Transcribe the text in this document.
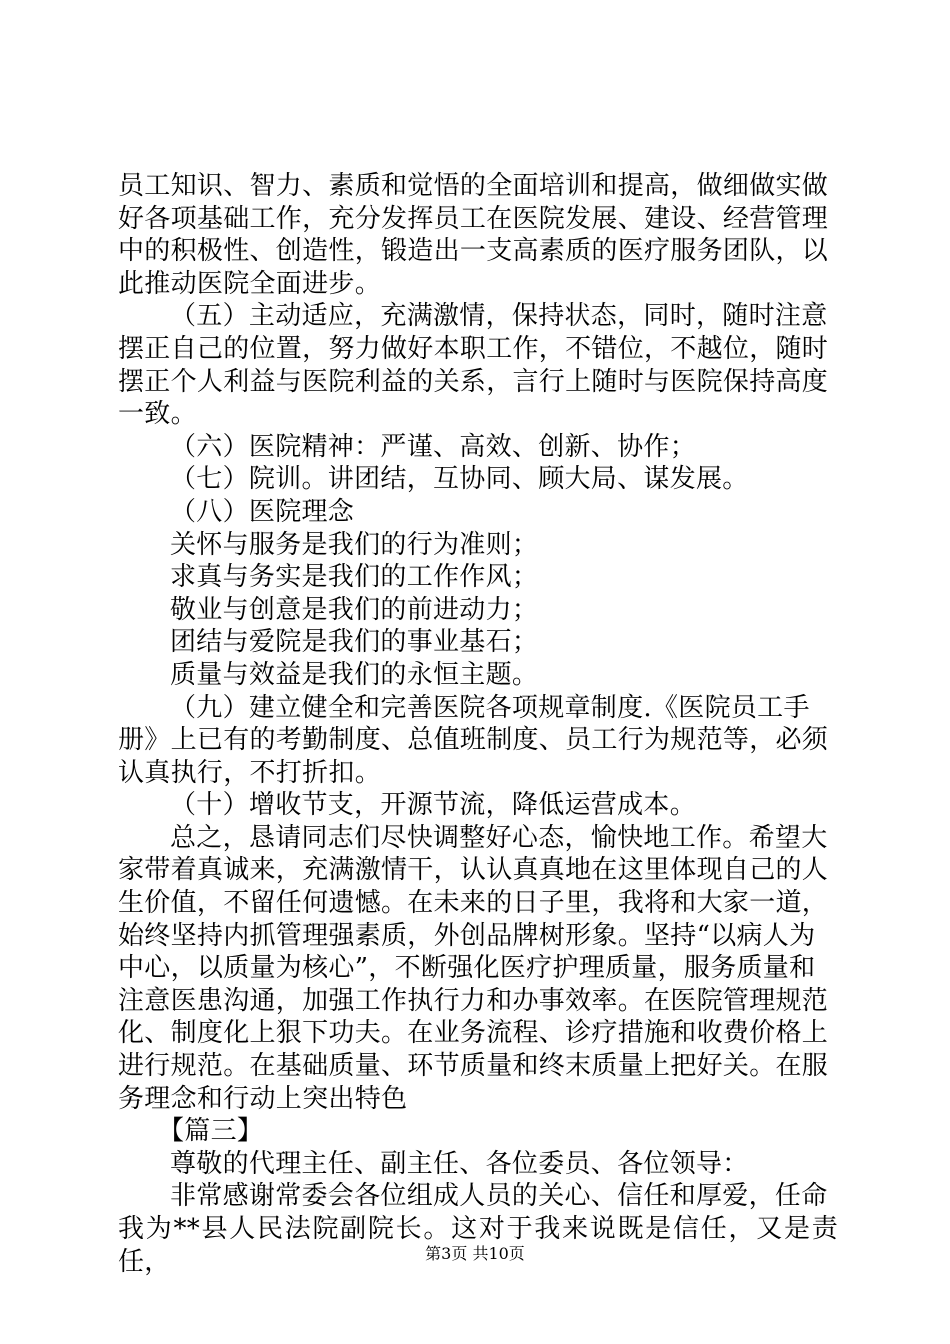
员工知识、智力、素质和觉悟的全面培训和提高，做细做实做
好各项基础工作，充分发挥员工在医院发展、建设、经营管理
中的积极性、创造性，锻造出一支高素质的医疗服务团队，以
此推动医院全面进步。

（五）主动适应，充满激情，保持状态，同时，随时注意
摆正自己的位置，努力做好本职工作，不错位，不越位，随时
摆正个人利益与医院利益的关系，言行上随时与医院保持高度
一致。

（六）医院精神：严谨、高效、创新、协作；

（七）院训。讲团结，互协同、顾大局、谋发展。

（八）医院理念

关怀与服务是我们的行为准则；

求真与务实是我们的工作作风；

敬业与创意是我们的前进动力；

团结与爱院是我们的事业基石；

质量与效益是我们的永恒主题。

（九）建立健全和完善医院各项规章制度.《医院员工手
册》上已有的考勤制度、总值班制度、员工行为规范等，必须
认真执行，不打折扣。

（十）增收节支，开源节流，降低运营成本。

总之，恳请同志们尽快调整好心态，愉快地工作。希望大
家带着真诚来，充满激情干，认认真真地在这里体现自己的人
生价值，不留任何遗憾。在未来的日子里，我将和大家一道，
始终坚持内抓管理强素质，外创品牌树形象。坚持“以病人为
中心，以质量为核心”，不断强化医疗护理质量，服务质量和
注意医患沟通，加强工作执行力和办事效率。在医院管理规范
化、制度化上狠下功夫。在业务流程、诊疗措施和收费价格上
进行规范。在基础质量、环节质量和终末质量上把好关。在服
务理念和行动上突出特色

【篇三】

尊敬的代理主任、副主任、各位委员、各位领导：

非常感谢常委会各位组成人员的关心、信任和厚爱，任命
我为**县人民法院副院长。这对于我来说既是信任，又是责任，	第3页 共10页
